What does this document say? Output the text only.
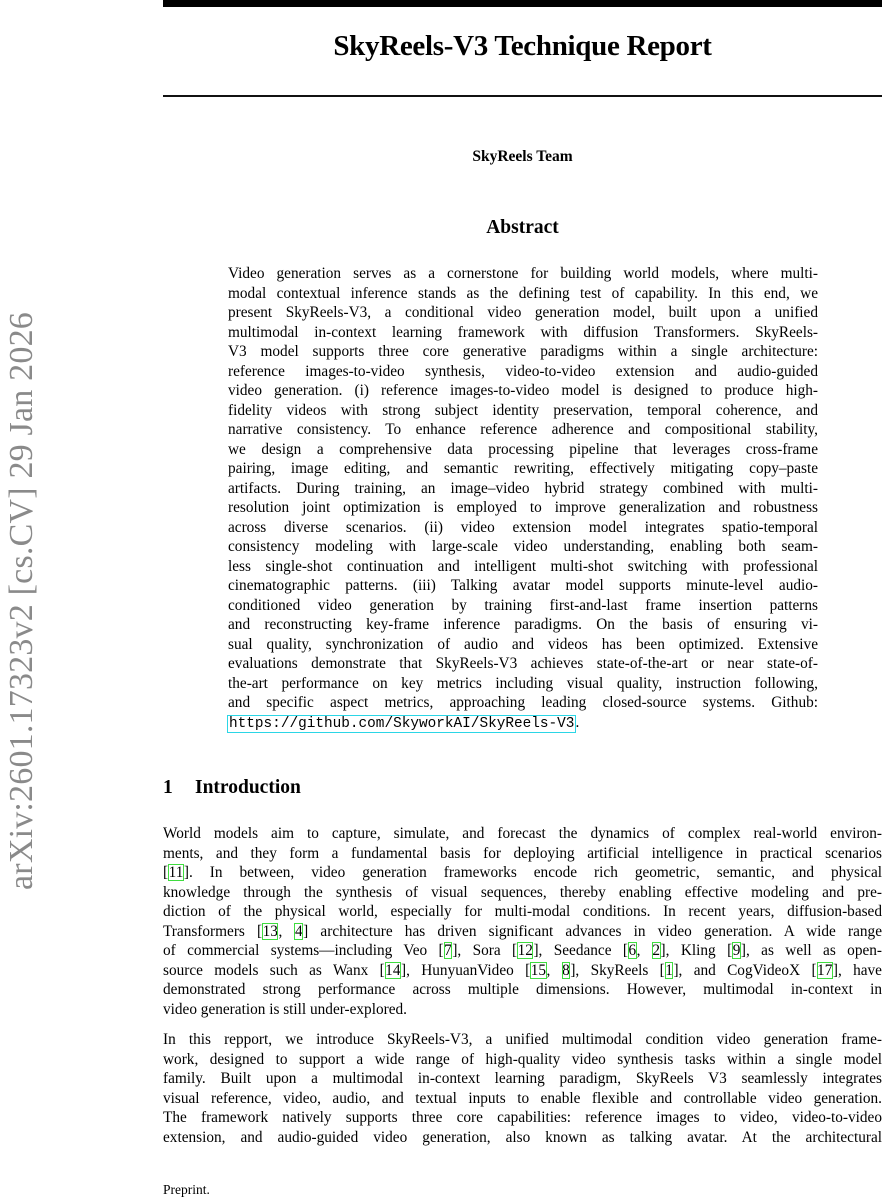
arXiv:2601.17323v2 [cs.CV] 29 Jan 2026
SkyReels-V3 Technique Report
SkyReels Team
Abstract
Video generation serves as a cornerstone for building world models, where multi-
modal contextual inference stands as the defining test of capability. In this end, we
present SkyReels-V3, a conditional video generation model, built upon a unified
multimodal in-context learning framework with diffusion Transformers. SkyReels-
V3 model supports three core generative paradigms within a single architecture:
reference images-to-video synthesis, video-to-video extension and audio-guided
video generation. (i) reference images-to-video model is designed to produce high-
fidelity videos with strong subject identity preservation, temporal coherence, and
narrative consistency. To enhance reference adherence and compositional stability,
we design a comprehensive data processing pipeline that leverages cross-frame
pairing, image editing, and semantic rewriting, effectively mitigating copy–paste
artifacts. During training, an image–video hybrid strategy combined with multi-
resolution joint optimization is employed to improve generalization and robustness
across diverse scenarios. (ii) video extension model integrates spatio-temporal
consistency modeling with large-scale video understanding, enabling both seam-
less single-shot continuation and intelligent multi-shot switching with professional
cinematographic patterns. (iii) Talking avatar model supports minute-level audio-
conditioned video generation by training first-and-last frame insertion patterns
and reconstructing key-frame inference paradigms. On the basis of ensuring vi-
sual quality, synchronization of audio and videos has been optimized. Extensive
evaluations demonstrate that SkyReels-V3 achieves state-of-the-art or near state-of-
the-art performance on key metrics including visual quality, instruction following,
and specific aspect metrics, approaching leading closed-source systems. Github:
https://github.com/SkyworkAI/SkyReels-V3.
1 Introduction
World models aim to capture, simulate, and forecast the dynamics of complex real-world environ-
ments, and they form a fundamental basis for deploying artificial intelligence in practical scenarios
[11]. In between, video generation frameworks encode rich geometric, semantic, and physical
knowledge through the synthesis of visual sequences, thereby enabling effective modeling and pre-
diction of the physical world, especially for multi-modal conditions. In recent years, diffusion-based
Transformers [13, 4] architecture has driven significant advances in video generation. A wide range
of commercial systems—including Veo [7], Sora [12], Seedance [6, 2], Kling [9], as well as open-
source models such as Wanx [14], HunyuanVideo [15, 8], SkyReels [1], and CogVideoX [17], have
demonstrated strong performance across multiple dimensions. However, multimodal in-context in
video generation is still under-explored.
In this repport, we introduce SkyReels-V3, a unified multimodal condition video generation frame-
work, designed to support a wide range of high-quality video synthesis tasks within a single model
family. Built upon a multimodal in-context learning paradigm, SkyReels V3 seamlessly integrates
visual reference, video, audio, and textual inputs to enable flexible and controllable video generation.
The framework natively supports three core capabilities: reference images to video, video-to-video
extension, and audio-guided video generation, also known as talking avatar. At the architectural
Preprint.
